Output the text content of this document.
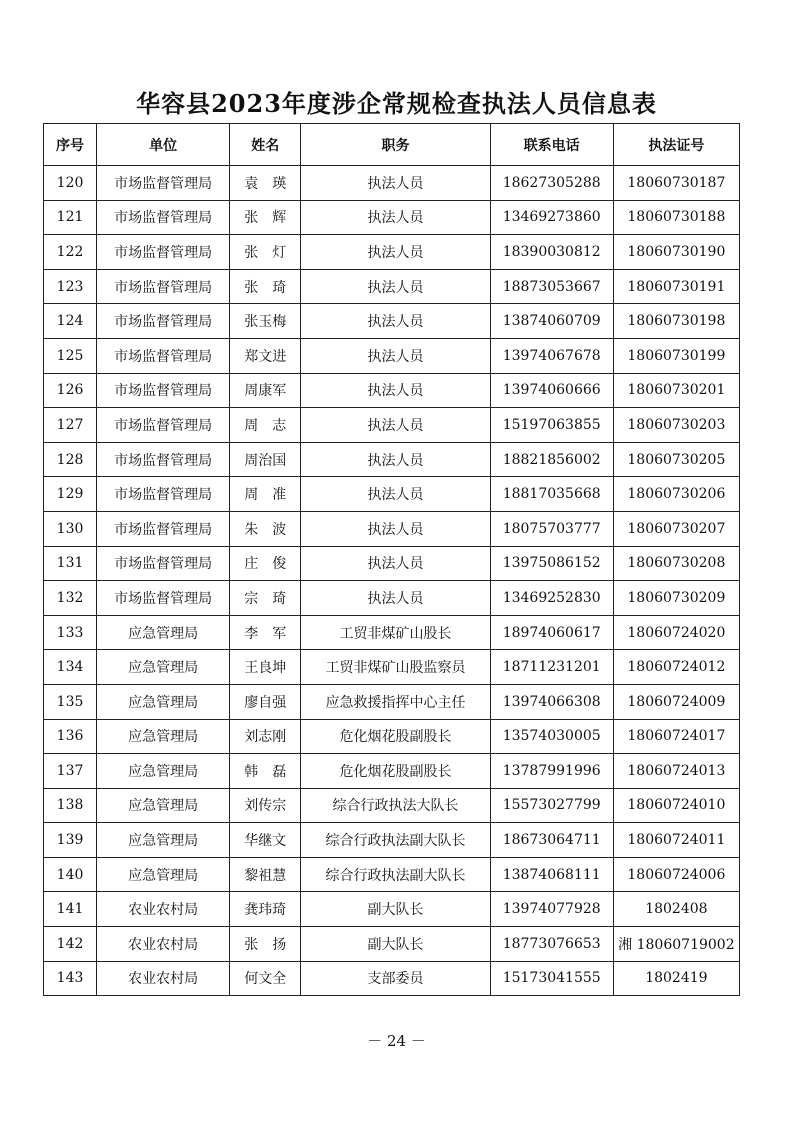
华容县2023年度涉企常规检查执法人员信息表
序号	单位	姓名	职务	联系电话	执法证号
120	市场监督管理局	袁　瑛	执法人员	18627305288	18060730187
121	市场监督管理局	张　辉	执法人员	13469273860	18060730188
122	市场监督管理局	张　灯	执法人员	18390030812	18060730190
123	市场监督管理局	张　琦	执法人员	18873053667	18060730191
124	市场监督管理局	张玉梅	执法人员	13874060709	18060730198
125	市场监督管理局	郑文进	执法人员	13974067678	18060730199
126	市场监督管理局	周康军	执法人员	13974060666	18060730201
127	市场监督管理局	周　志	执法人员	15197063855	18060730203
128	市场监督管理局	周治国	执法人员	18821856002	18060730205
129	市场监督管理局	周　准	执法人员	18817035668	18060730206
130	市场监督管理局	朱　波	执法人员	18075703777	18060730207
131	市场监督管理局	庄　俊	执法人员	13975086152	18060730208
132	市场监督管理局	宗　琦	执法人员	13469252830	18060730209
133	应急管理局	李　军	工贸非煤矿山股长	18974060617	18060724020
134	应急管理局	王良坤	工贸非煤矿山股监察员	18711231201	18060724012
135	应急管理局	廖自强	应急救援指挥中心主任	13974066308	18060724009
136	应急管理局	刘志刚	危化烟花股副股长	13574030005	18060724017
137	应急管理局	韩　磊	危化烟花股副股长	13787991996	18060724013
138	应急管理局	刘传宗	综合行政执法大队长	15573027799	18060724010
139	应急管理局	华继文	综合行政执法副大队长	18673064711	18060724011
140	应急管理局	黎祖慧	综合行政执法副大队长	13874068111	18060724006
141	农业农村局	龚玮琦	副大队长	13974077928	1802408
142	农业农村局	张　扬	副大队长	18773076653	湘 18060719002
143	农业农村局	何文全	支部委员	15173041555	1802419
－ 24 －
